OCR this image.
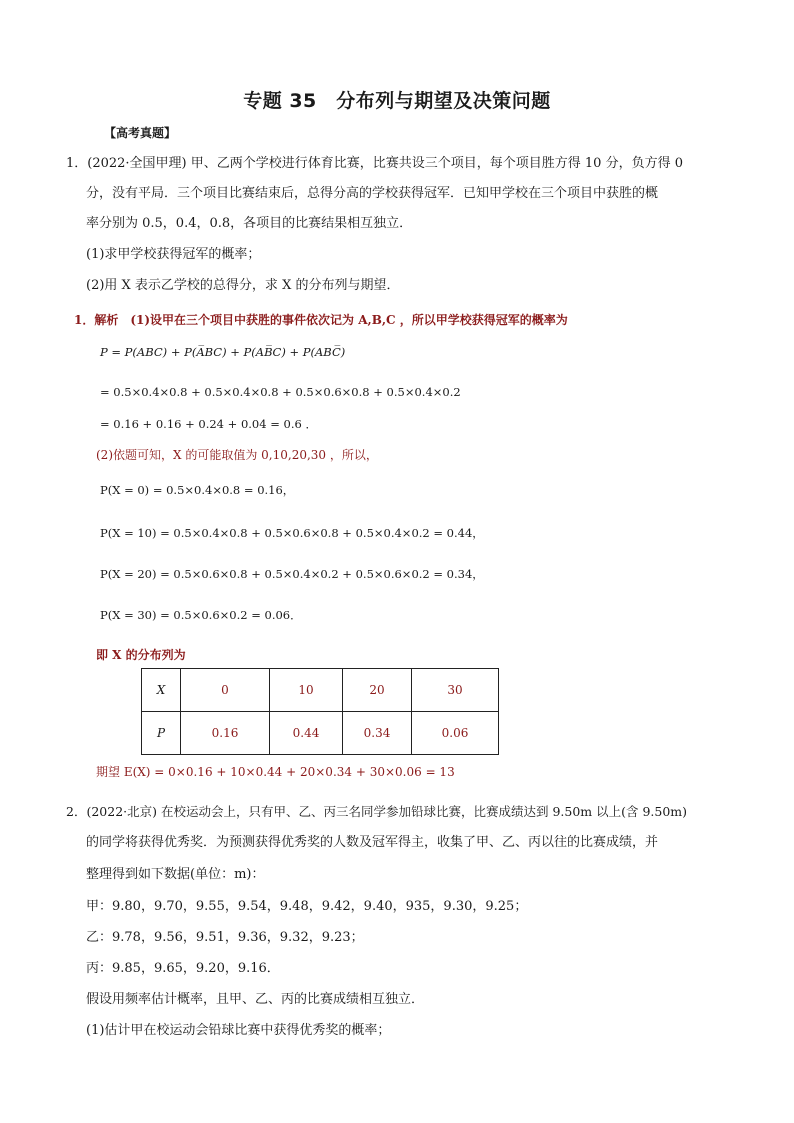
专题 35　分布列与期望及决策问题
【高考真题】
1．(2022·全国甲理) 甲、乙两个学校进行体育比赛，比赛共设三个项目，每个项目胜方得 10 分，负方得 0
分，没有平局．三个项目比赛结束后，总得分高的学校获得冠军．已知甲学校在三个项目中获胜的概
率分别为 0.5，0.4，0.8，各项目的比赛结果相互独立．
(1)求甲学校获得冠军的概率；
(2)用 X 表示乙学校的总得分，求 X 的分布列与期望．
1．解析　(1)设甲在三个项目中获胜的事件依次记为 A,B,C ，所以甲学校获得冠军的概率为
P = P(ABC) + P(A̅BC) + P(AB̅C) + P(ABC̅)
= 0.5×0.4×0.8 + 0.5×0.4×0.8 + 0.5×0.6×0.8 + 0.5×0.4×0.2
= 0.16 + 0.16 + 0.24 + 0.04 = 0.6 ．
(2)依题可知，X 的可能取值为 0,10,20,30 ，所以，
P(X = 0) = 0.5×0.4×0.8 = 0.16，
P(X = 10) = 0.5×0.4×0.8 + 0.5×0.6×0.8 + 0.5×0.4×0.2 = 0.44，
P(X = 20) = 0.5×0.6×0.8 + 0.5×0.4×0.2 + 0.5×0.6×0.2 = 0.34，
P(X = 30) = 0.5×0.6×0.2 = 0.06．
即 X 的分布列为
X	0	10	20	30
P	0.16	0.44	0.34	0.06
期望 E(X) = 0×0.16 + 10×0.44 + 20×0.34 + 30×0.06 = 13
2．(2022·北京) 在校运动会上，只有甲、乙、丙三名同学参加铅球比赛，比赛成绩达到 9.50m 以上(含 9.50m)
的同学将获得优秀奖．为预测获得优秀奖的人数及冠军得主，收集了甲、乙、丙以往的比赛成绩，并
整理得到如下数据(单位：m)：
甲：9.80，9.70，9.55，9.54，9.48，9.42，9.40，935，9.30，9.25；
乙：9.78，9.56，9.51，9.36，9.32，9.23；
丙：9.85，9.65，9.20，9.16．
假设用频率估计概率，且甲、乙、丙的比赛成绩相互独立．
(1)估计甲在校运动会铅球比赛中获得优秀奖的概率；
